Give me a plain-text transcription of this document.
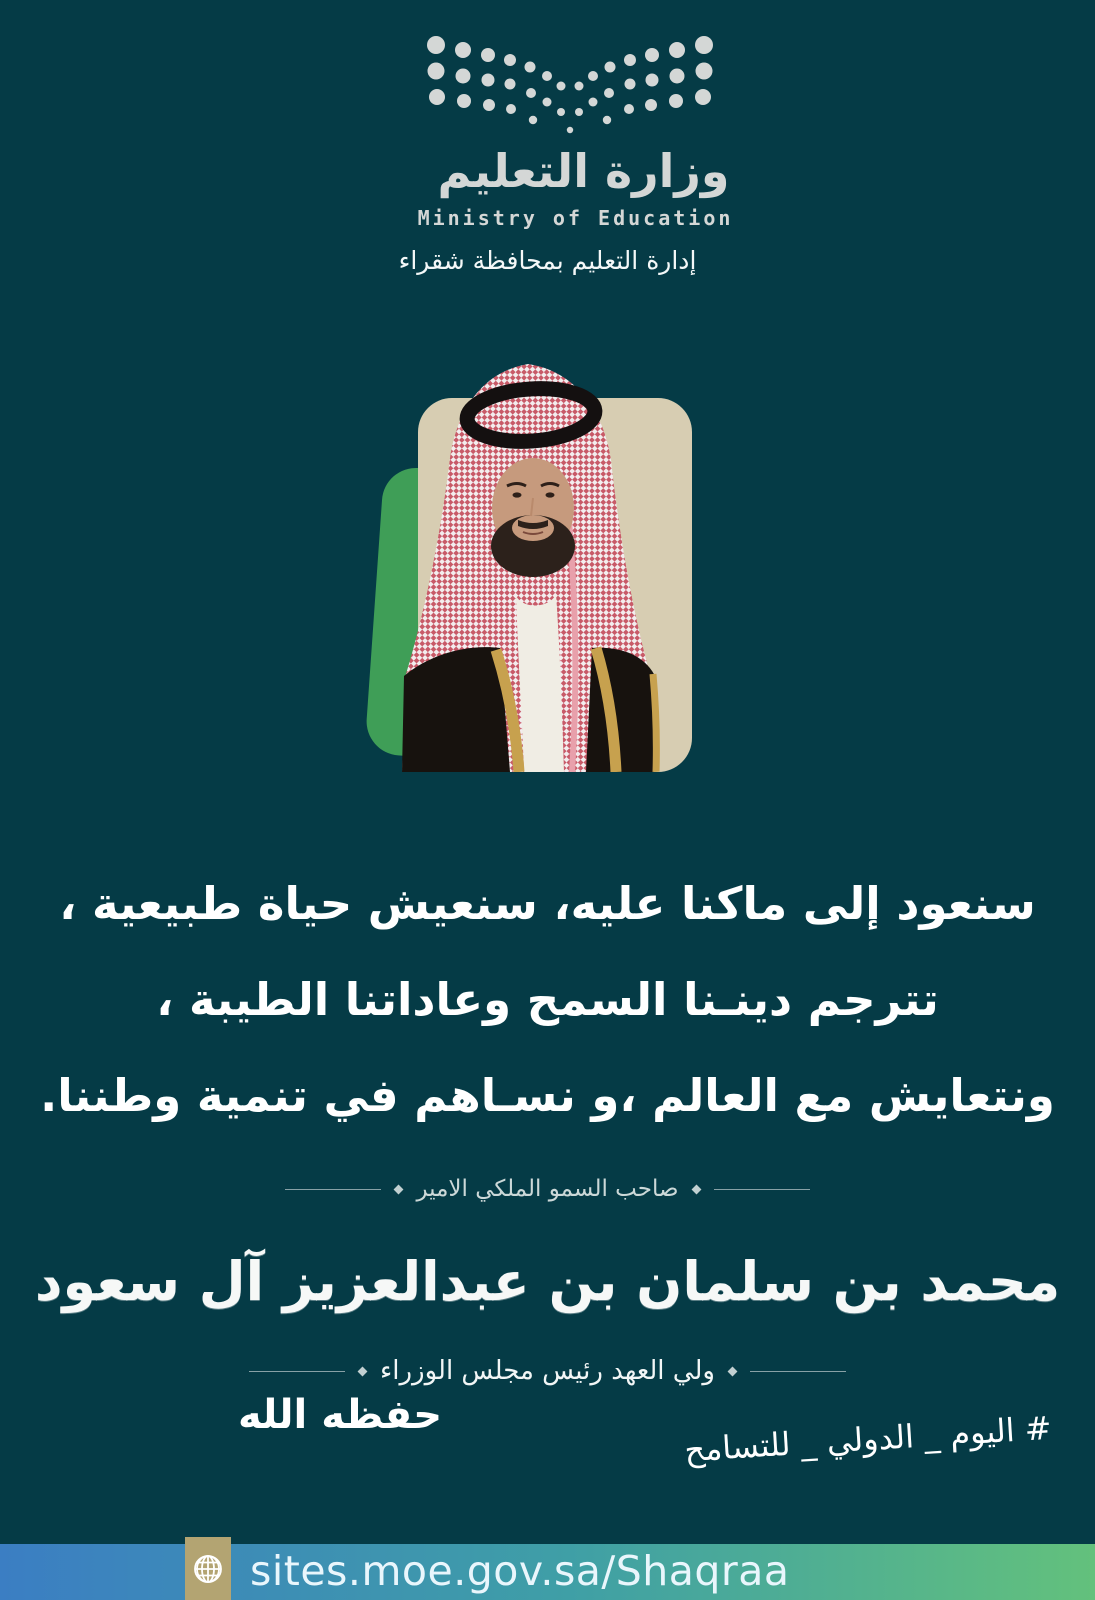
وزارة التعليم
Ministry of Education
إدارة التعليم بمحافظة شقراء
سنعود إلى ماكنا عليه، سنعيش حياة طبيعية ،
تترجم دينـنا السمح وعاداتنا الطيبة ،
ونتعايش مع العالم ،و نسـاهم في تنمية وطننا.
صاحب السمو الملكي الامير
محمد بن سلمان بن عبدالعزيز آل سعود
ولي العهد رئيس مجلس الوزراء
حفظه الله	# اليوم _ الدولي _ للتسامح
sites.moe.gov.sa/Shaqraa
